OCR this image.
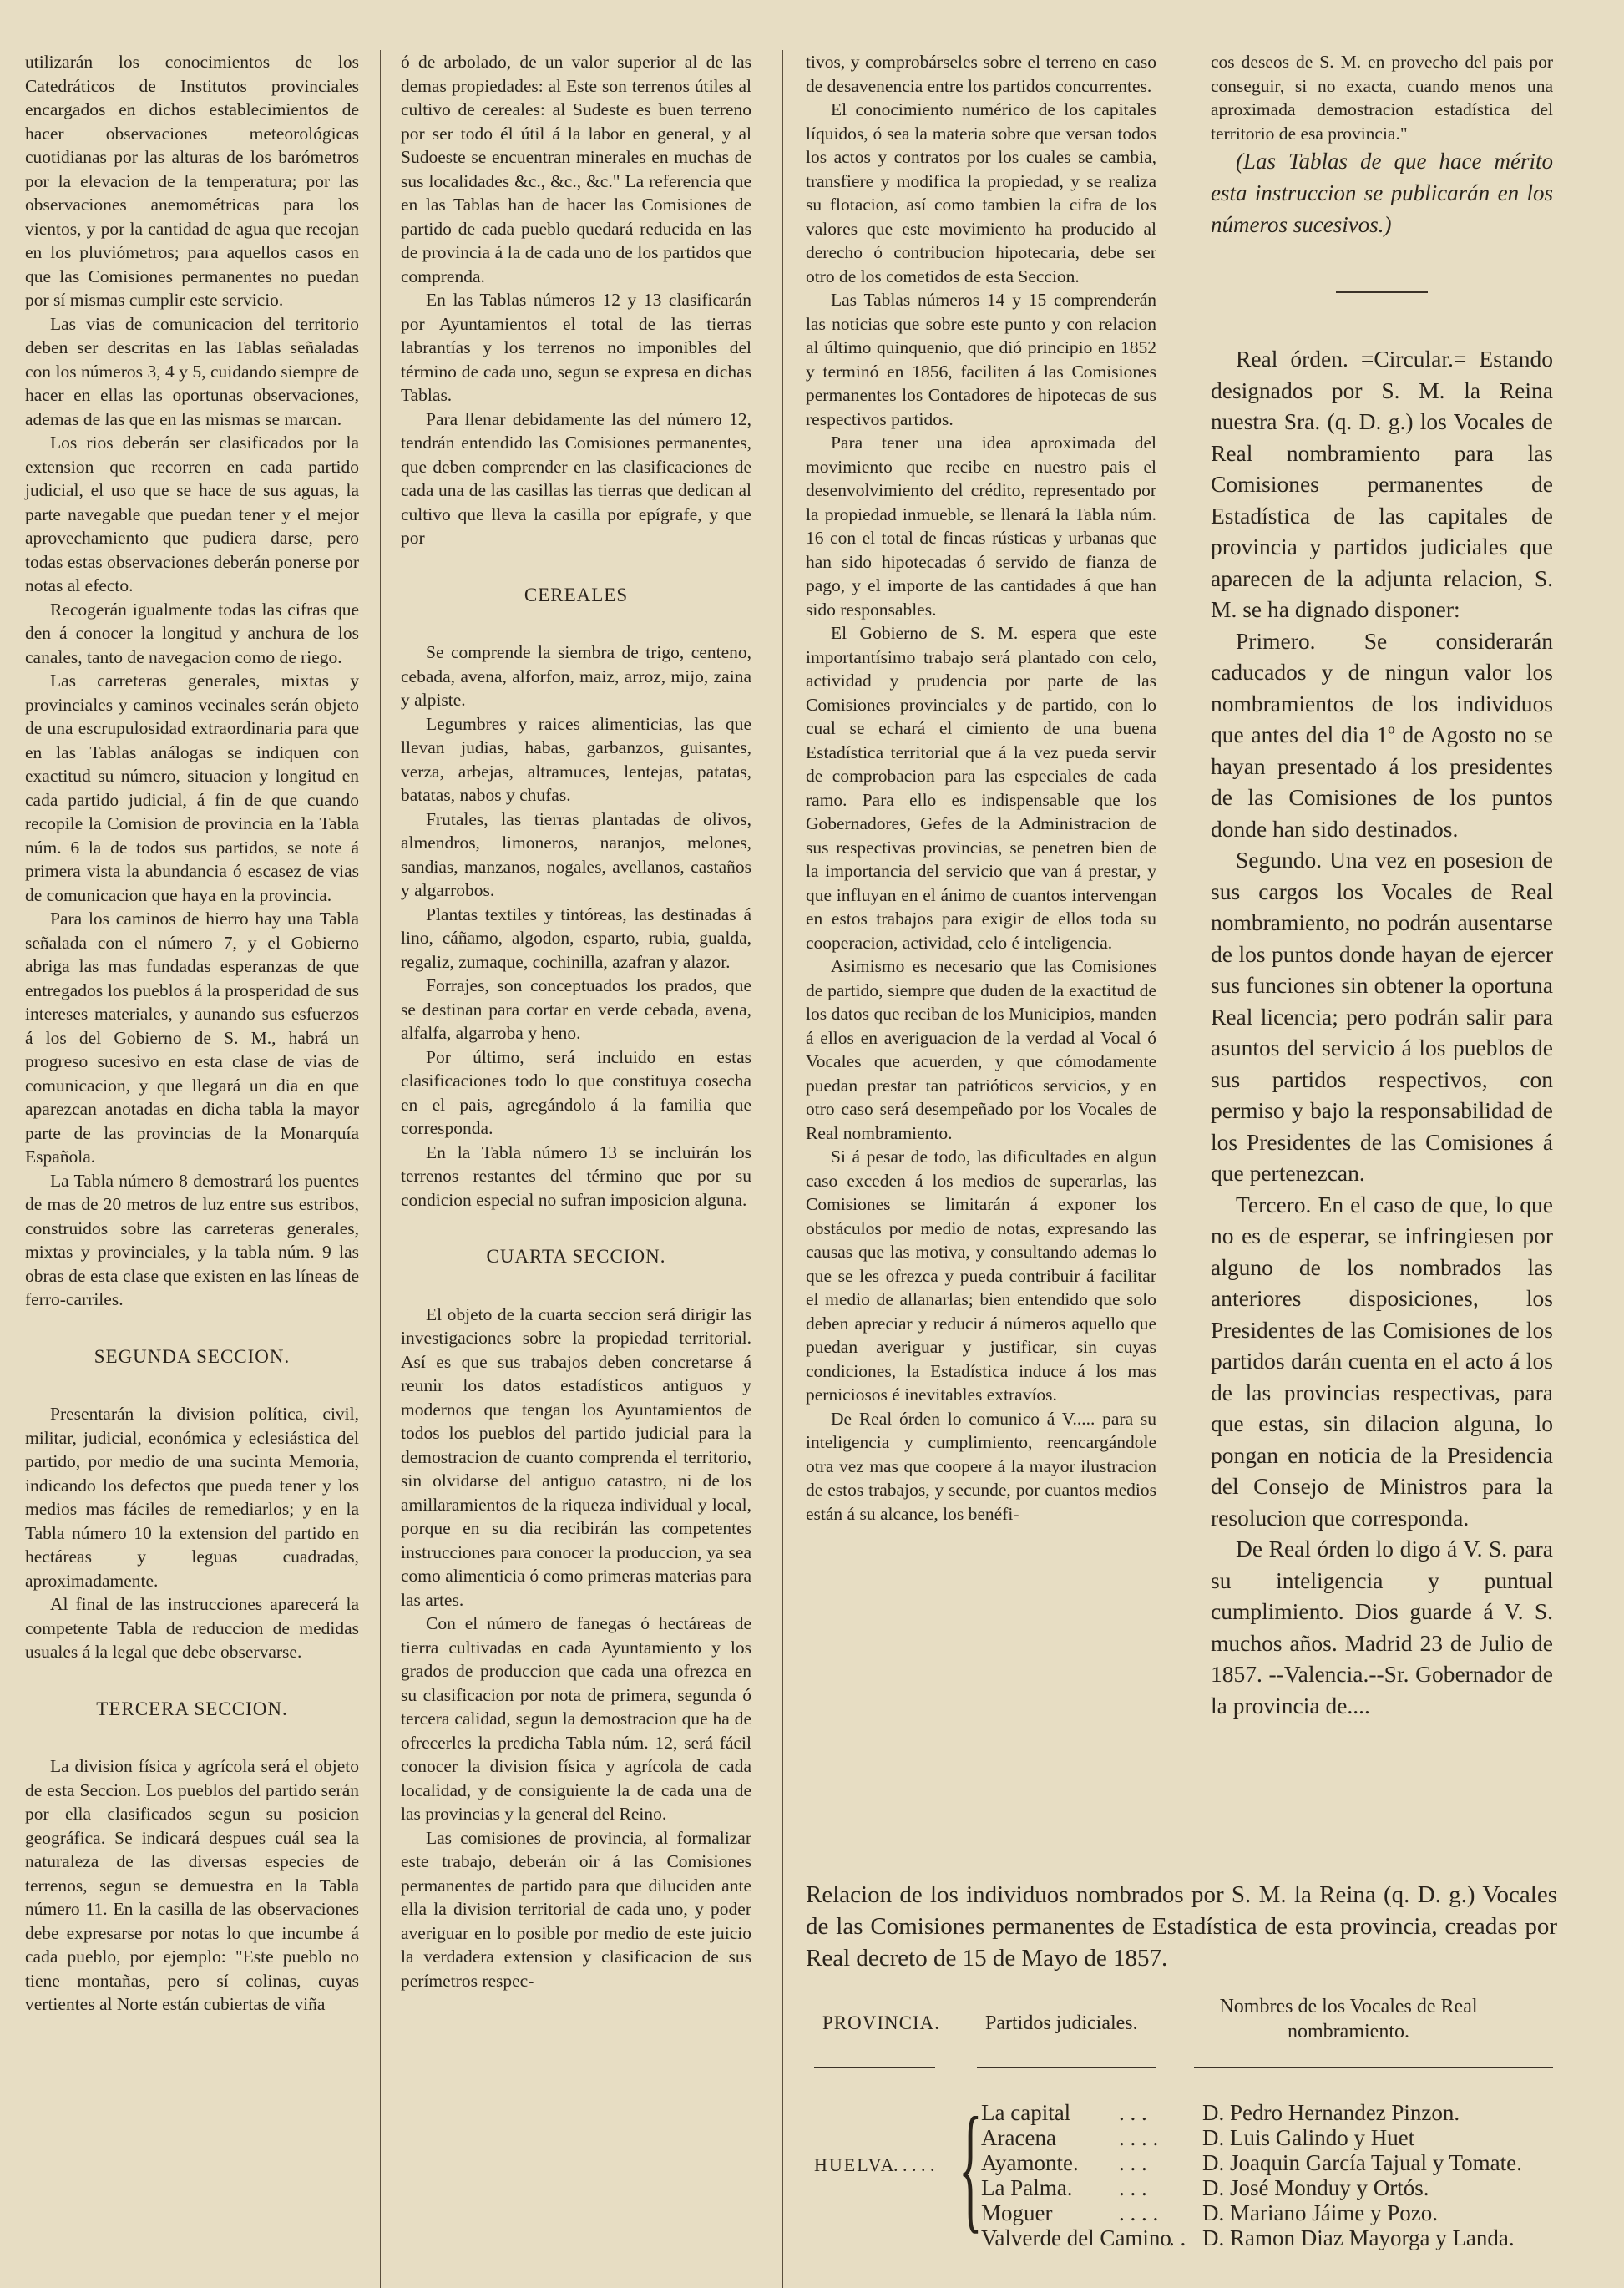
utilizarán los conocimientos de los Catedráticos de Institutos provinciales encargados en dichos establecimientos de hacer observaciones meteorológicas cuotidianas por las alturas de los barómetros por la elevacion de la temperatura; por las observaciones anemométricas para los vientos, y por la cantidad de agua que recojan en los pluviómetros; para aquellos casos en que las Comisiones permanentes no puedan por sí mismas cumplir este servicio.

Las vias de comunicacion del territorio deben ser descritas en las Tablas señaladas con los números 3, 4 y 5, cuidando siempre de hacer en ellas las oportunas observaciones, ademas de las que en las mismas se marcan.

Los rios deberán ser clasificados por la extension que recorren en cada partido judicial, el uso que se hace de sus aguas, la parte navegable que puedan tener y el mejor aprovechamiento que pudiera darse, pero todas estas observaciones deberán ponerse por notas al efecto.

Recogerán igualmente todas las cifras que den á conocer la longitud y anchura de los canales, tanto de navegacion como de riego.

Las carreteras generales, mixtas y provinciales y caminos vecinales serán objeto de una escrupulosidad extraordinaria para que en las Tablas análogas se indiquen con exactitud su número, situacion y longitud en cada partido judicial, á fin de que cuando recopile la Comision de provincia en la Tabla núm. 6 la de todos sus partidos, se note á primera vista la abundancia ó escasez de vias de comunicacion que haya en la provincia.

Para los caminos de hierro hay una Tabla señalada con el número 7, y el Gobierno abriga las mas fundadas esperanzas de que entregados los pueblos á la prosperidad de sus intereses materiales, y aunando sus esfuerzos á los del Gobierno de S. M., habrá un progreso sucesivo en esta clase de vias de comunicacion, y que llegará un dia en que aparezcan anotadas en dicha tabla la mayor parte de las provincias de la Monarquía Española.

La Tabla número 8 demostrará los puentes de mas de 20 metros de luz entre sus estribos, construidos sobre las carreteras generales, mixtas y provinciales, y la tabla núm. 9 las obras de esta clase que existen en las líneas de ferro-carriles.

SEGUNDA SECCION.

Presentarán la division política, civil, militar, judicial, económica y eclesiástica del partido, por medio de una sucinta Memoria, indicando los defectos que pueda tener y los medios mas fáciles de remediarlos; y en la Tabla número 10 la extension del partido en hectáreas y leguas cuadradas, aproximadamente.

Al final de las instrucciones aparecerá la competente Tabla de reduccion de medidas usuales á la legal que debe observarse.

TERCERA SECCION.

La division física y agrícola será el objeto de esta Seccion. Los pueblos del partido serán por ella clasificados segun su posicion geográfica. Se indicará despues cuál sea la naturaleza de las diversas especies de terrenos, segun se demuestra en la Tabla número 11. En la casilla de las observaciones debe expresarse por notas lo que incumbe á cada pueblo, por ejemplo: "Este pueblo no tiene montañas, pero sí colinas, cuyas vertientes al Norte están cubiertas de viña

ó de arbolado, de un valor superior al de las demas propiedades: al Este son terrenos útiles al cultivo de cereales: al Sudeste es buen terreno por ser todo él útil á la labor en general, y al Sudoeste se encuentran minerales en muchas de sus localidades &c., &c., &c." La referencia que en las Tablas han de hacer las Comisiones de partido de cada pueblo quedará reducida en las de provincia á la de cada uno de los partidos que comprenda.

En las Tablas números 12 y 13 clasificarán por Ayuntamientos el total de las tierras labrantías y los terrenos no imponibles del término de cada uno, segun se expresa en dichas Tablas.

Para llenar debidamente las del número 12, tendrán entendido las Comisiones permanentes, que deben comprender en las clasificaciones de cada una de las casillas las tierras que dedican al cultivo que lleva la casilla por epígrafe, y que por

CEREALES

Se comprende la siembra de trigo, centeno, cebada, avena, alforfon, maiz, arroz, mijo, zaina y alpiste.

Legumbres y raices alimenticias, las que llevan judias, habas, garbanzos, guisantes, verza, arbejas, altramuces, lentejas, patatas, batatas, nabos y chufas.

Frutales, las tierras plantadas de olivos, almendros, limoneros, naranjos, melones, sandias, manzanos, nogales, avellanos, castaños y algarrobos.

Plantas textiles y tintóreas, las destinadas á lino, cáñamo, algodon, esparto, rubia, gualda, regaliz, zumaque, cochinilla, azafran y alazor.

Forrajes, son conceptuados los prados, que se destinan para cortar en verde cebada, avena, alfalfa, algarroba y heno.

Por último, será incluido en estas clasificaciones todo lo que constituya cosecha en el pais, agregándolo á la familia que corresponda.

En la Tabla número 13 se incluirán los terrenos restantes del término que por su condicion especial no sufran imposicion alguna.

CUARTA SECCION.

El objeto de la cuarta seccion será dirigir las investigaciones sobre la propiedad territorial. Así es que sus trabajos deben concretarse á reunir los datos estadísticos antiguos y modernos que tengan los Ayuntamientos de todos los pueblos del partido judicial para la demostracion de cuanto comprenda el territorio, sin olvidarse del antiguo catastro, ni de los amillaramientos de la riqueza individual y local, porque en su dia recibirán las competentes instrucciones para conocer la produccion, ya sea como alimenticia ó como primeras materias para las artes.

Con el número de fanegas ó hectáreas de tierra cultivadas en cada Ayuntamiento y los grados de produccion que cada una ofrezca en su clasificacion por nota de primera, segunda ó tercera calidad, segun la demostracion que ha de ofrecerles la predicha Tabla núm. 12, será fácil conocer la division física y agrícola de cada localidad, y de consiguiente la de cada una de las provincias y la general del Reino.

Las comisiones de provincia, al formalizar este trabajo, deberán oir á las Comisiones permanentes de partido para que diluciden ante ella la division territorial de cada uno, y poder averiguar en lo posible por medio de este juicio la verdadera extension y clasificacion de sus perímetros respec-

tivos, y comprobárseles sobre el terreno en caso de desavenencia entre los partidos concurrentes.

El conocimiento numérico de los capitales líquidos, ó sea la materia sobre que versan todos los actos y contratos por los cuales se cambia, transfiere y modifica la propiedad, y se realiza su flotacion, así como tambien la cifra de los valores que este movimiento ha producido al derecho ó contribucion hipotecaria, debe ser otro de los cometidos de esta Seccion.

Las Tablas números 14 y 15 comprenderán las noticias que sobre este punto y con relacion al último quinquenio, que dió principio en 1852 y terminó en 1856, faciliten á las Comisiones permanentes los Contadores de hipotecas de sus respectivos partidos.

Para tener una idea aproximada del movimiento que recibe en nuestro pais el desenvolvimiento del crédito, representado por la propiedad inmueble, se llenará la Tabla núm. 16 con el total de fincas rústicas y urbanas que han sido hipotecadas ó servido de fianza de pago, y el importe de las cantidades á que han sido responsables.

El Gobierno de S. M. espera que este importantísimo trabajo será plantado con celo, actividad y prudencia por parte de las Comisiones provinciales y de partido, con lo cual se echará el cimiento de una buena Estadística territorial que á la vez pueda servir de comprobacion para las especiales de cada ramo. Para ello es indispensable que los Gobernadores, Gefes de la Administracion de sus respectivas provincias, se penetren bien de la importancia del servicio que van á prestar, y que influyan en el ánimo de cuantos intervengan en estos trabajos para exigir de ellos toda su cooperacion, actividad, celo é inteligencia.

Asimismo es necesario que las Comisiones de partido, siempre que duden de la exactitud de los datos que reciban de los Municipios, manden á ellos en averiguacion de la verdad al Vocal ó Vocales que acuerden, y que cómodamente puedan prestar tan patrióticos servicios, y en otro caso será desempeñado por los Vocales de Real nombramiento.

Si á pesar de todo, las dificultades en algun caso exceden á los medios de superarlas, las Comisiones se limitarán á exponer los obstáculos por medio de notas, expresando las causas que las motiva, y consultando ademas lo que se les ofrezca y pueda contribuir á facilitar el medio de allanarlas; bien entendido que solo deben apreciar y reducir á números aquello que puedan averiguar y justificar, sin cuyas condiciones, la Estadística induce á los mas perniciosos é inevitables extravíos.

De Real órden lo comunico á V..... para su inteligencia y cumplimiento, reencargándole otra vez mas que coopere á la mayor ilustracion de estos trabajos, y secunde, por cuantos medios están á su alcance, los benéfi-

cos deseos de S. M. en provecho del pais por conseguir, si no exacta, cuando menos una aproximada demostracion estadística del territorio de esa provincia."

(Las Tablas de que hace mérito esta instruccion se publicarán en los números sucesivos.)

Real órden. =Circular.= Estando designados por S. M. la Reina nuestra Sra. (q. D. g.) los Vocales de Real nombramiento para las Comisiones permanentes de Estadística de las capitales de provincia y partidos judiciales que aparecen de la adjunta relacion, S. M. se ha dignado disponer:

Primero. Se considerarán caducados y de ningun valor los nombramientos de los individuos que antes del dia 1º de Agosto no se hayan presentado á los presidentes de las Comisiones de los puntos donde han sido destinados.

Segundo. Una vez en posesion de sus cargos los Vocales de Real nombramiento, no podrán ausentarse de los puntos donde hayan de ejercer sus funciones sin obtener la oportuna Real licencia; pero podrán salir para asuntos del servicio á los pueblos de sus partidos respectivos, con permiso y bajo la responsabilidad de los Presidentes de las Comisiones á que pertenezcan.

Tercero. En el caso de que, lo que no es de esperar, se infringiesen por alguno de los nombrados las anteriores disposiciones, los Presidentes de las Comisiones de los partidos darán cuenta en el acto á los de las provincias respectivas, para que estas, sin dilacion alguna, lo pongan en noticia de la Presidencia del Consejo de Ministros para la resolucion que corresponda.

De Real órden lo digo á V. S. para su inteligencia y puntual cumplimiento. Dios guarde á V. S. muchos años. Madrid 23 de Julio de 1857. --Valencia.--Sr. Gobernador de la provincia de....

Relacion de los individuos nombrados por S. M. la Reina (q. D. g.) Vocales de las Comisiones permanentes de Estadística de esta provincia, creadas por Real decreto de 15 de Mayo de 1857.
PROVINCIA. Partidos judiciales.
Nombres de los Vocales de Real nombramiento.
HUELVA
. . . . . {
La capital . . . D. Pedro Hernandez Pinzon.
Aracena	. . . . D. Luis Galindo y Huet
Ayamonte. . . . D. Joaquin García Tajual y Tomate.
La Palma. . . . D. José Monduy y Ortós.
Moguer	. . . . D. Mariano Jáime y Pozo.
Valverde del Camino
. . D. Ramon Diaz Mayorga y Landa.
